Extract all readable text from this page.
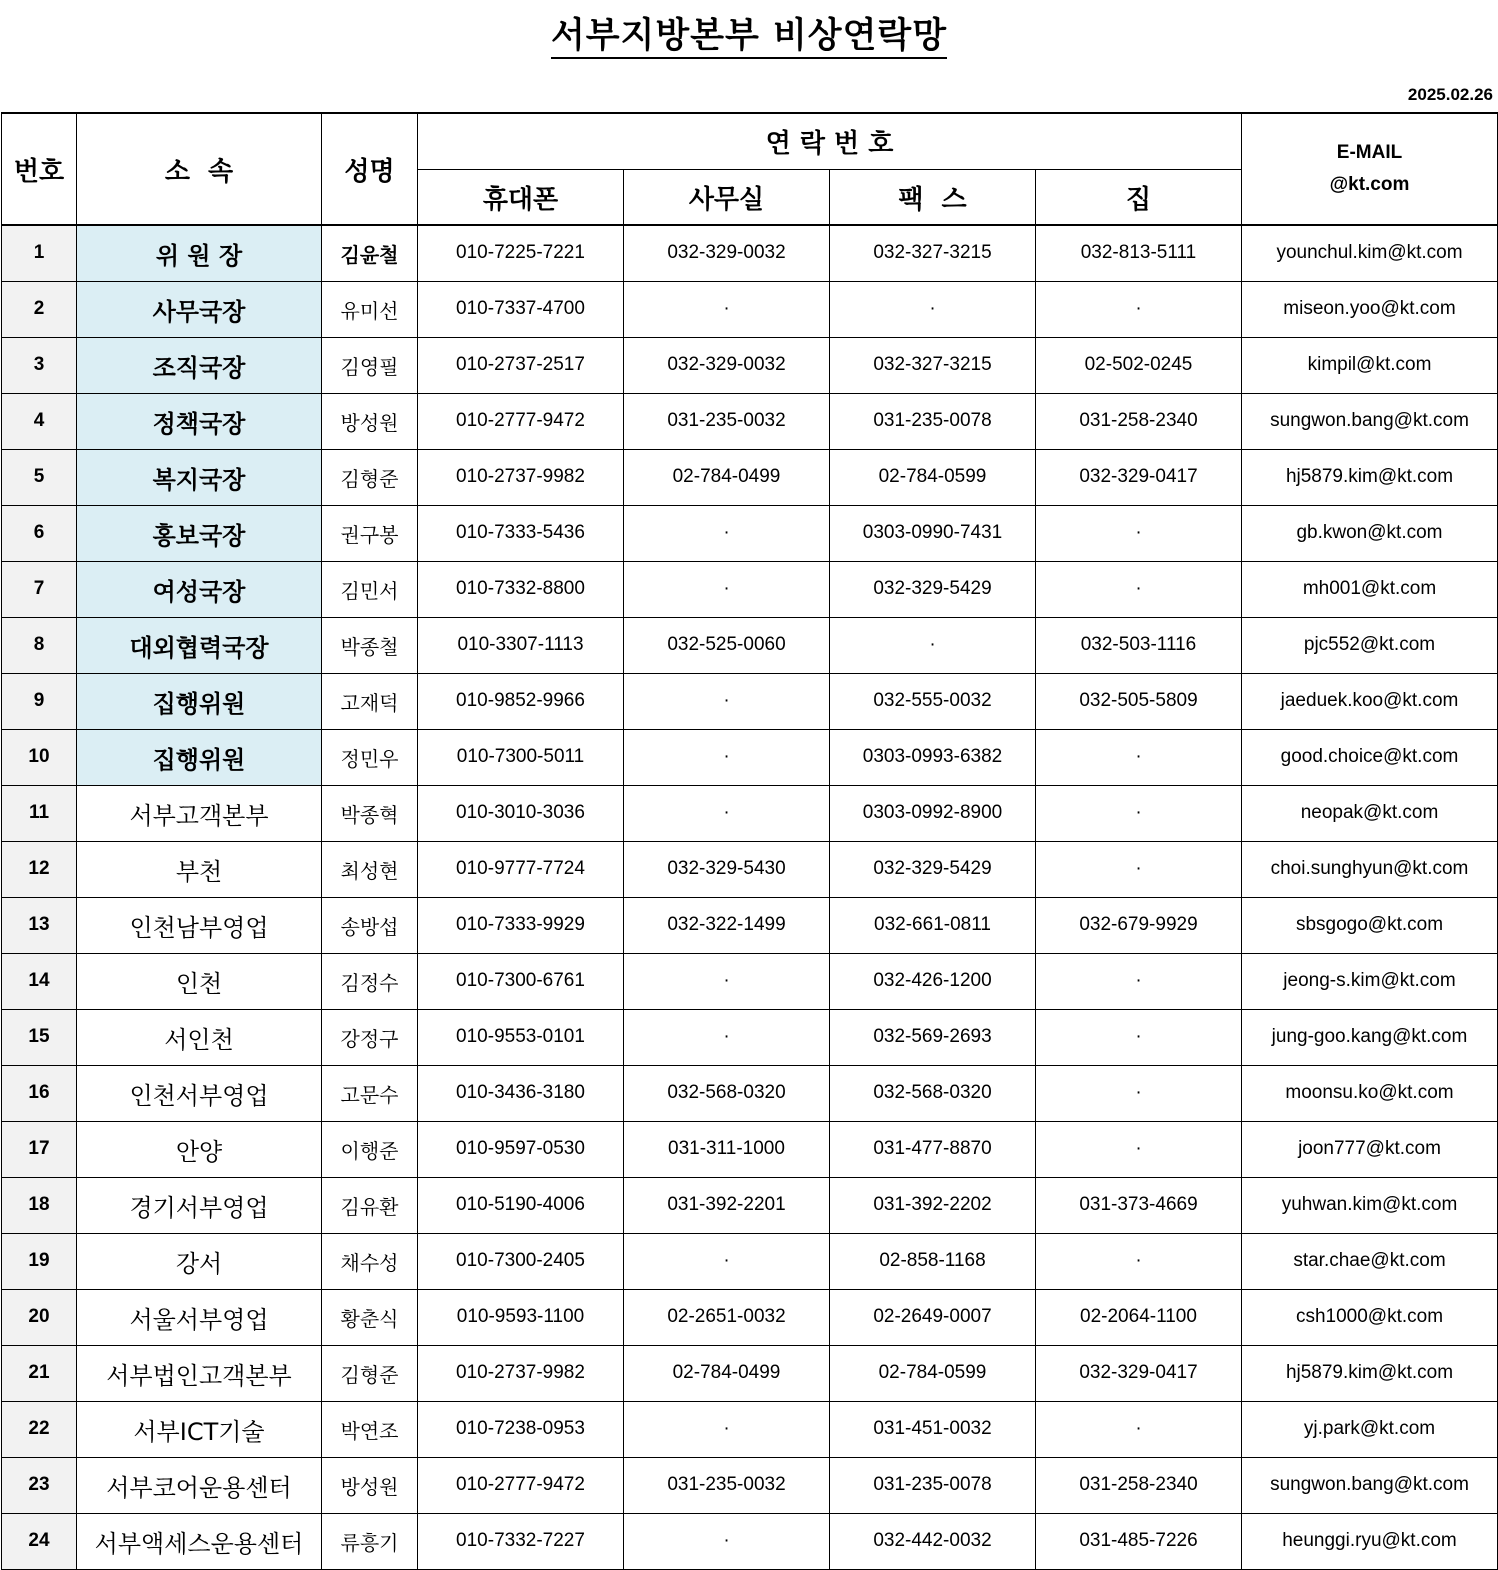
서부지방본부 비상연락망
2025.02.26
번호	소  속	성명	연 락 번 호				E-MAIL
@kt.com

			휴대폰	사무실	팩  스	집	
1	위 원 장	김윤철	010-7225-7221	032-329-0032	032-327-3215	032-813-5111	younchul.kim@kt.com
2	사무국장	유미선	010-7337-4700	·	·	·	miseon.yoo@kt.com
3	조직국장	김영필	010-2737-2517	032-329-0032	032-327-3215	02-502-0245	kimpil@kt.com
4	정책국장	방성원	010-2777-9472	031-235-0032	031-235-0078	031-258-2340	sungwon.bang@kt.com
5	복지국장	김형준	010-2737-9982	02-784-0499	02-784-0599	032-329-0417	hj5879.kim@kt.com
6	홍보국장	권구봉	010-7333-5436	·	0303-0990-7431	·	gb.kwon@kt.com
7	여성국장	김민서	010-7332-8800	·	032-329-5429	·	mh001@kt.com
8	대외협력국장	박종철	010-3307-1113	032-525-0060	·	032-503-1116	pjc552@kt.com
9	집행위원	고재덕	010-9852-9966	·	032-555-0032	032-505-5809	jaeduek.koo@kt.com
10	집행위원	정민우	010-7300-5011	·	0303-0993-6382	·	good.choice@kt.com
11	서부고객본부	박종혁	010-3010-3036	·	0303-0992-8900	·	neopak@kt.com
12	부천	최성현	010-9777-7724	032-329-5430	032-329-5429	·	choi.sunghyun@kt.com
13	인천남부영업	송방섭	010-7333-9929	032-322-1499	032-661-0811	032-679-9929	sbsgogo@kt.com
14	인천	김정수	010-7300-6761	·	032-426-1200	·	jeong-s.kim@kt.com
15	서인천	강정구	010-9553-0101	·	032-569-2693	·	jung-goo.kang@kt.com
16	인천서부영업	고문수	010-3436-3180	032-568-0320	032-568-0320	·	moonsu.ko@kt.com
17	안양	이행준	010-9597-0530	031-311-1000	031-477-8870	·	joon777@kt.com
18	경기서부영업	김유환	010-5190-4006	031-392-2201	031-392-2202	031-373-4669	yuhwan.kim@kt.com
19	강서	채수성	010-7300-2405	·	02-858-1168	·	star.chae@kt.com
20	서울서부영업	황춘식	010-9593-1100	02-2651-0032	02-2649-0007	02-2064-1100	csh1000@kt.com
21	서부법인고객본부	김형준	010-2737-9982	02-784-0499	02-784-0599	032-329-0417	hj5879.kim@kt.com
22	서부ICT기술	박연조	010-7238-0953	·	031-451-0032	·	yj.park@kt.com
23	서부코어운용센터	방성원	010-2777-9472	031-235-0032	031-235-0078	031-258-2340	sungwon.bang@kt.com
24	서부액세스운용센터	류흥기	010-7332-7227	·	032-442-0032	031-485-7226	heunggi.ryu@kt.com
